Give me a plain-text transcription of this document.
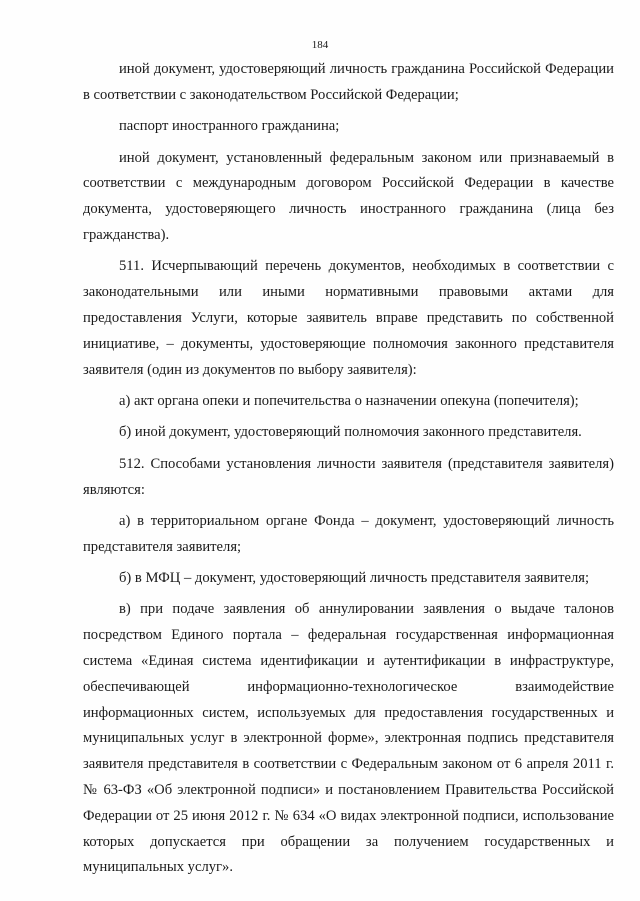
184

иной документ, удостоверяющий личность гражданина Российской Федерации в соответствии с законодательством Российской Федерации;

паспорт иностранного гражданина;

иной документ, установленный федеральным законом или признаваемый в соответствии с международным договором Российской Федерации в качестве документа, удостоверяющего личность иностранного гражданина (лица без гражданства).

511. Исчерпывающий перечень документов, необходимых в соответствии с законодательными или иными нормативными правовыми актами для предоставления Услуги, которые заявитель вправе представить по собственной инициативе, – документы, удостоверяющие полномочия законного представителя заявителя (один из документов по выбору заявителя):

а) акт органа опеки и попечительства о назначении опекуна (попечителя);

б) иной документ, удостоверяющий полномочия законного представителя.

512. Способами установления личности заявителя (представителя заявителя) являются:

а) в территориальном органе Фонда – документ, удостоверяющий личность представителя заявителя;

б) в МФЦ – документ, удостоверяющий личность представителя заявителя;

в) при подаче заявления об аннулировании заявления о выдаче талонов посредством Единого портала – федеральная государственная информационная система «Единая система идентификации и аутентификации в инфраструктуре, обеспечивающей информационно-технологическое взаимодействие информационных систем, используемых для предоставления государственных и муниципальных услуг в электронной форме», электронная подпись представителя заявителя представителя в соответствии с Федеральным законом от 6 апреля 2011 г. № 63-ФЗ «Об электронной подписи» и постановлением Правительства Российской Федерации от 25 июня 2012 г. № 634 «О видах электронной подписи, использование которых допускается при обращении за получением государственных и муниципальных услуг».
